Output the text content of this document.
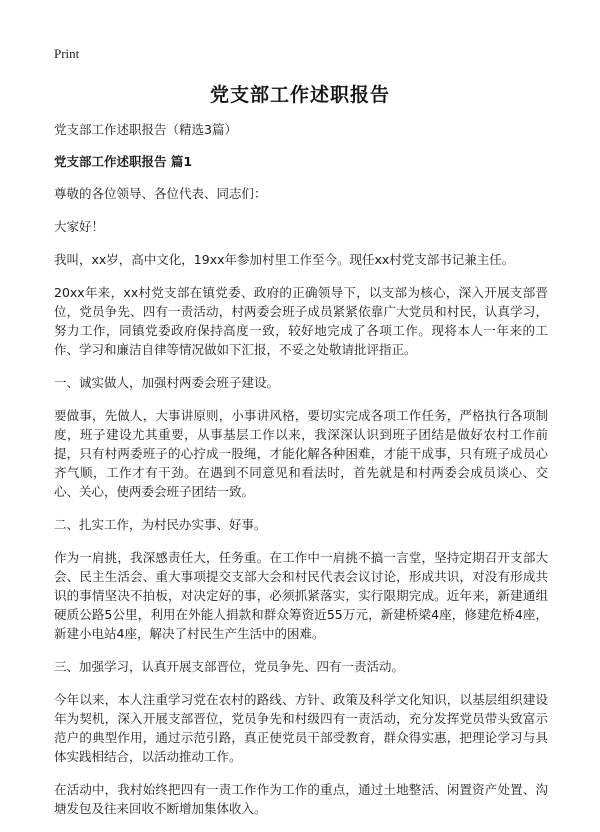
Print
党支部工作述职报告

党支部工作述职报告（精选3篇）

党支部工作述职报告 篇1

尊敬的各位领导、各位代表、同志们：

大家好！

我叫，xx岁，高中文化，19xx年参加村里工作至今。现任xx村党支部书记兼主任。

20xx年来，xx村党支部在镇党委、政府的正确领导下，以支部为核心，深入开展支部晋位，党员争先、四有一责活动，村两委会班子成员紧紧依靠广大党员和村民，认真学习，努力工作，同镇党委政府保持高度一致，较好地完成了各项工作。现将本人一年来的工作、学习和廉洁自律等情况做如下汇报，不妥之处敬请批评指正。

一、诚实做人，加强村两委会班子建设。

要做事，先做人，大事讲原则，小事讲风格，要切实完成各项工作任务，严格执行各项制度，班子建设尤其重要，从事基层工作以来，我深深认识到班子团结是做好农村工作前提，只有村两委班子的心拧成一股绳，才能化解各种困难，才能干成事，只有班子成员心齐气顺，工作才有干劲。在遇到不同意见和看法时，首先就是和村两委会成员谈心、交心、关心，使两委会班子团结一致。

二、扎实工作，为村民办实事、好事。

作为一肩挑，我深感责任大，任务重。在工作中一肩挑不搞一言堂，坚持定期召开支部大会、民主生活会、重大事项提交支部大会和村民代表会议讨论，形成共识，对没有形成共识的事情坚决不拍板，对决定好的事，必须抓紧落实，实行限期完成。近年来，新建通组硬质公路5公里，利用在外能人捐款和群众筹资近55万元，新建桥梁4座，修建危桥4座，新建小电站4座，解决了村民生产生活中的困难。

三、加强学习，认真开展支部晋位，党员争先、四有一责活动。

今年以来，本人注重学习党在农村的路线、方针、政策及科学文化知识，以基层组织建设年为契机，深入开展支部晋位，党员争先和村级四有一责活动，充分发挥党员带头致富示范户的典型作用，通过示范引路，真正使党员干部受教育，群众得实惠，把理论学习与具体实践相结合，以活动推动工作。

在活动中，我村始终把四有一责工作作为工作的重点，通过土地整活、闲置资产处置、沟塘发包及往来回收不断增加集体收入。
